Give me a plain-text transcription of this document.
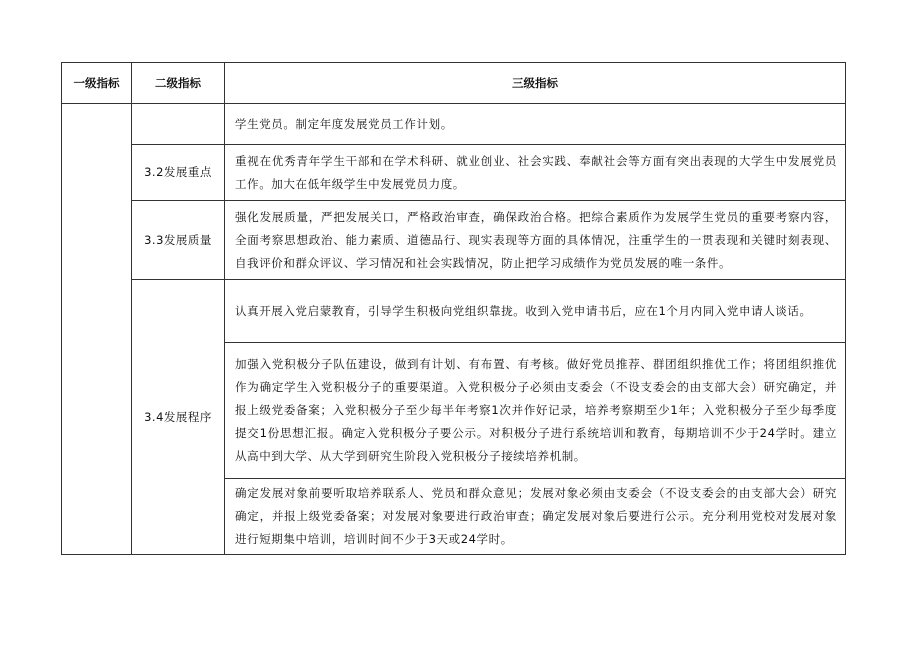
一级指标	二级指标	三级指标
		学生党员。制定年度发展党员工作计划。
	3.2发展重点	重视在优秀青年学生干部和在学术科研、就业创业、社会实践、奉献社会等方面有突出表现的大学生中发展党员工作。加大在低年级学生中发展党员力度。
	3.3发展质量	强化发展质量，严把发展关口，严格政治审查，确保政治合格。把综合素质作为发展学生党员的重要考察内容，全面考察思想政治、能力素质、道德品行、现实表现等方面的具体情况，注重学生的一贯表现和关键时刻表现、自我评价和群众评议、学习情况和社会实践情况，防止把学习成绩作为党员发展的唯一条件。
	3.4发展程序	认真开展入党启蒙教育，引导学生积极向党组织靠拢。收到入党申请书后，应在1个月内同入党申请人谈话。
		加强入党积极分子队伍建设，做到有计划、有布置、有考核。做好党员推荐、群团组织推优工作；将团组织推优作为确定学生入党积极分子的重要渠道。入党积极分子必须由支委会（不设支委会的由支部大会）研究确定，并报上级党委备案；入党积极分子至少每半年考察1次并作好记录，培养考察期至少1年；入党积极分子至少每季度提交1份思想汇报。确定入党积极分子要公示。对积极分子进行系统培训和教育，每期培训不少于24学时。建立从高中到大学、从大学到研究生阶段入党积极分子接续培养机制。
		确定发展对象前要听取培养联系人、党员和群众意见；发展对象必须由支委会（不设支委会的由支部大会）研究确定，并报上级党委备案；对发展对象要进行政治审查；确定发展对象后要进行公示。充分利用党校对发展对象进行短期集中培训，培训时间不少于3天或24学时。
